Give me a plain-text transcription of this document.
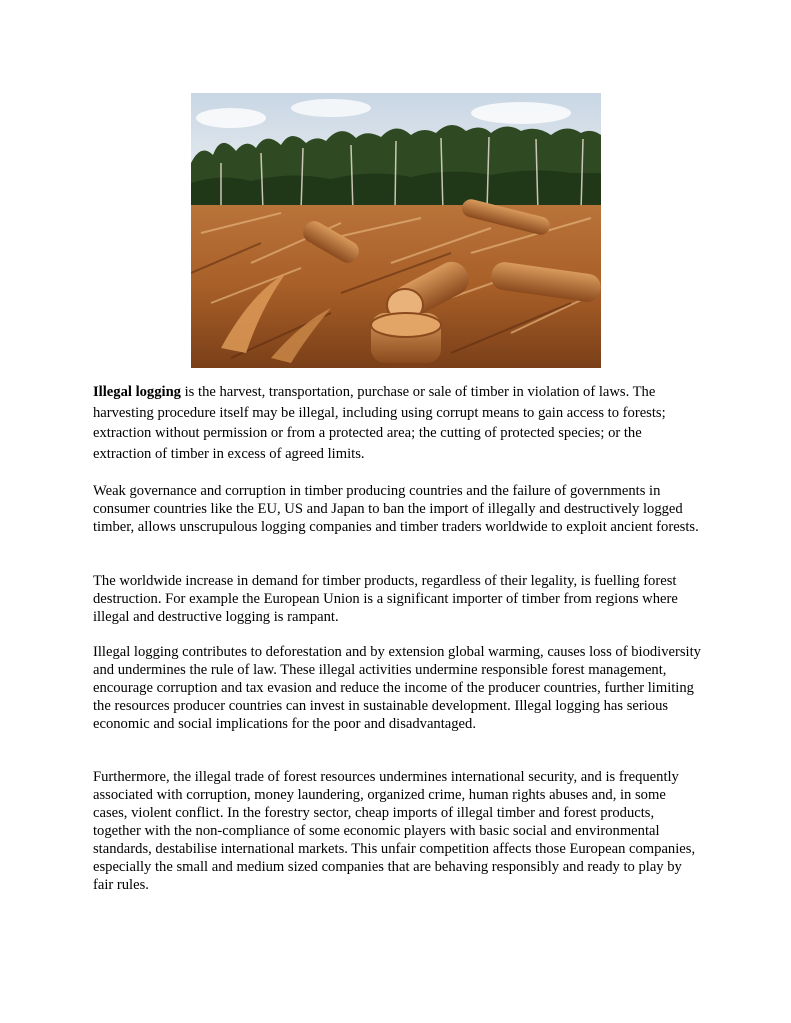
Illegal logging is the harvest, transportation, purchase or sale of timber in violation of laws. The harvesting procedure itself may be illegal, including using corrupt means to gain access to forests; extraction without permission or from a protected area; the cutting of protected species; or the extraction of timber in excess of agreed limits.

Weak governance and corruption in timber producing countries and the failure of governments in consumer countries like the EU, US and Japan to ban the import of illegally and destructively logged timber, allows unscrupulous logging companies and timber traders worldwide to exploit ancient forests.

The worldwide increase in demand for timber products, regardless of their legality, is fuelling forest destruction. For example the European Union is a significant importer of timber from regions where illegal and destructive logging is rampant.

Illegal logging contributes to deforestation and by extension global warming, causes loss of biodiversity and undermines the rule of law. These illegal activities undermine responsible forest management, encourage corruption and tax evasion and reduce the income of the producer countries, further limiting the resources producer countries can invest in sustainable development. Illegal logging has serious economic and social implications for the poor and disadvantaged.

Furthermore, the illegal trade of forest resources undermines international security, and is frequently associated with corruption, money laundering, organized crime, human rights abuses and, in some cases, violent conflict. In the forestry sector, cheap imports of illegal timber and forest products, together with the non-compliance of some economic players with basic social and environmental standards, destabilise international markets. This unfair competition affects those European companies, especially the small and medium sized companies that are behaving responsibly and ready to play by fair rules.
